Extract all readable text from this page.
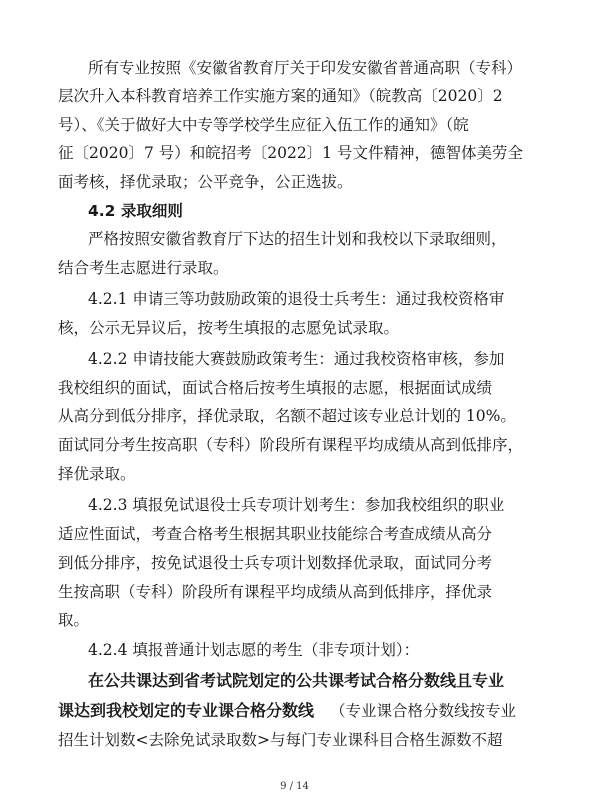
所有专业按照《安徽省教育厅关于印发安徽省普通高职（专科）
层次升入本科教育培养工作实施方案的通知》（皖教高〔2020〕2
号）、《关于做好大中专等学校学生应征入伍工作的通知》（皖
征〔2020〕7 号）和皖招考〔2022〕1 号文件精神，德智体美劳全
面考核，择优录取；公平竞争，公正选拔。
4.2 录取细则
严格按照安徽省教育厅下达的招生计划和我校以下录取细则，
结合考生志愿进行录取。
4.2.1 申请三等功鼓励政策的退役士兵考生：通过我校资格审
核，公示无异议后，按考生填报的志愿免试录取。
4.2.2 申请技能大赛鼓励政策考生：通过我校资格审核，参加
我校组织的面试，面试合格后按考生填报的志愿，根据面试成绩
从高分到低分排序，择优录取，名额不超过该专业总计划的 10%。
面试同分考生按高职（专科）阶段所有课程平均成绩从高到低排序，
择优录取。
4.2.3 填报免试退役士兵专项计划考生：参加我校组织的职业
适应性面试，考查合格考生根据其职业技能综合考查成绩从高分
到低分排序，按免试退役士兵专项计划数择优录取，面试同分考
生按高职（专科）阶段所有课程平均成绩从高到低排序，择优录
取。
4.2.4 填报普通计划志愿的考生（非专项计划）：
在公共课达到省考试院划定的公共课考试合格分数线且专业
课达到我校划定的专业课合格分数线 （专业课合格分数线按专业
招生计划数<去除免试录取数>与每门专业课科目合格生源数不超
9 / 14
